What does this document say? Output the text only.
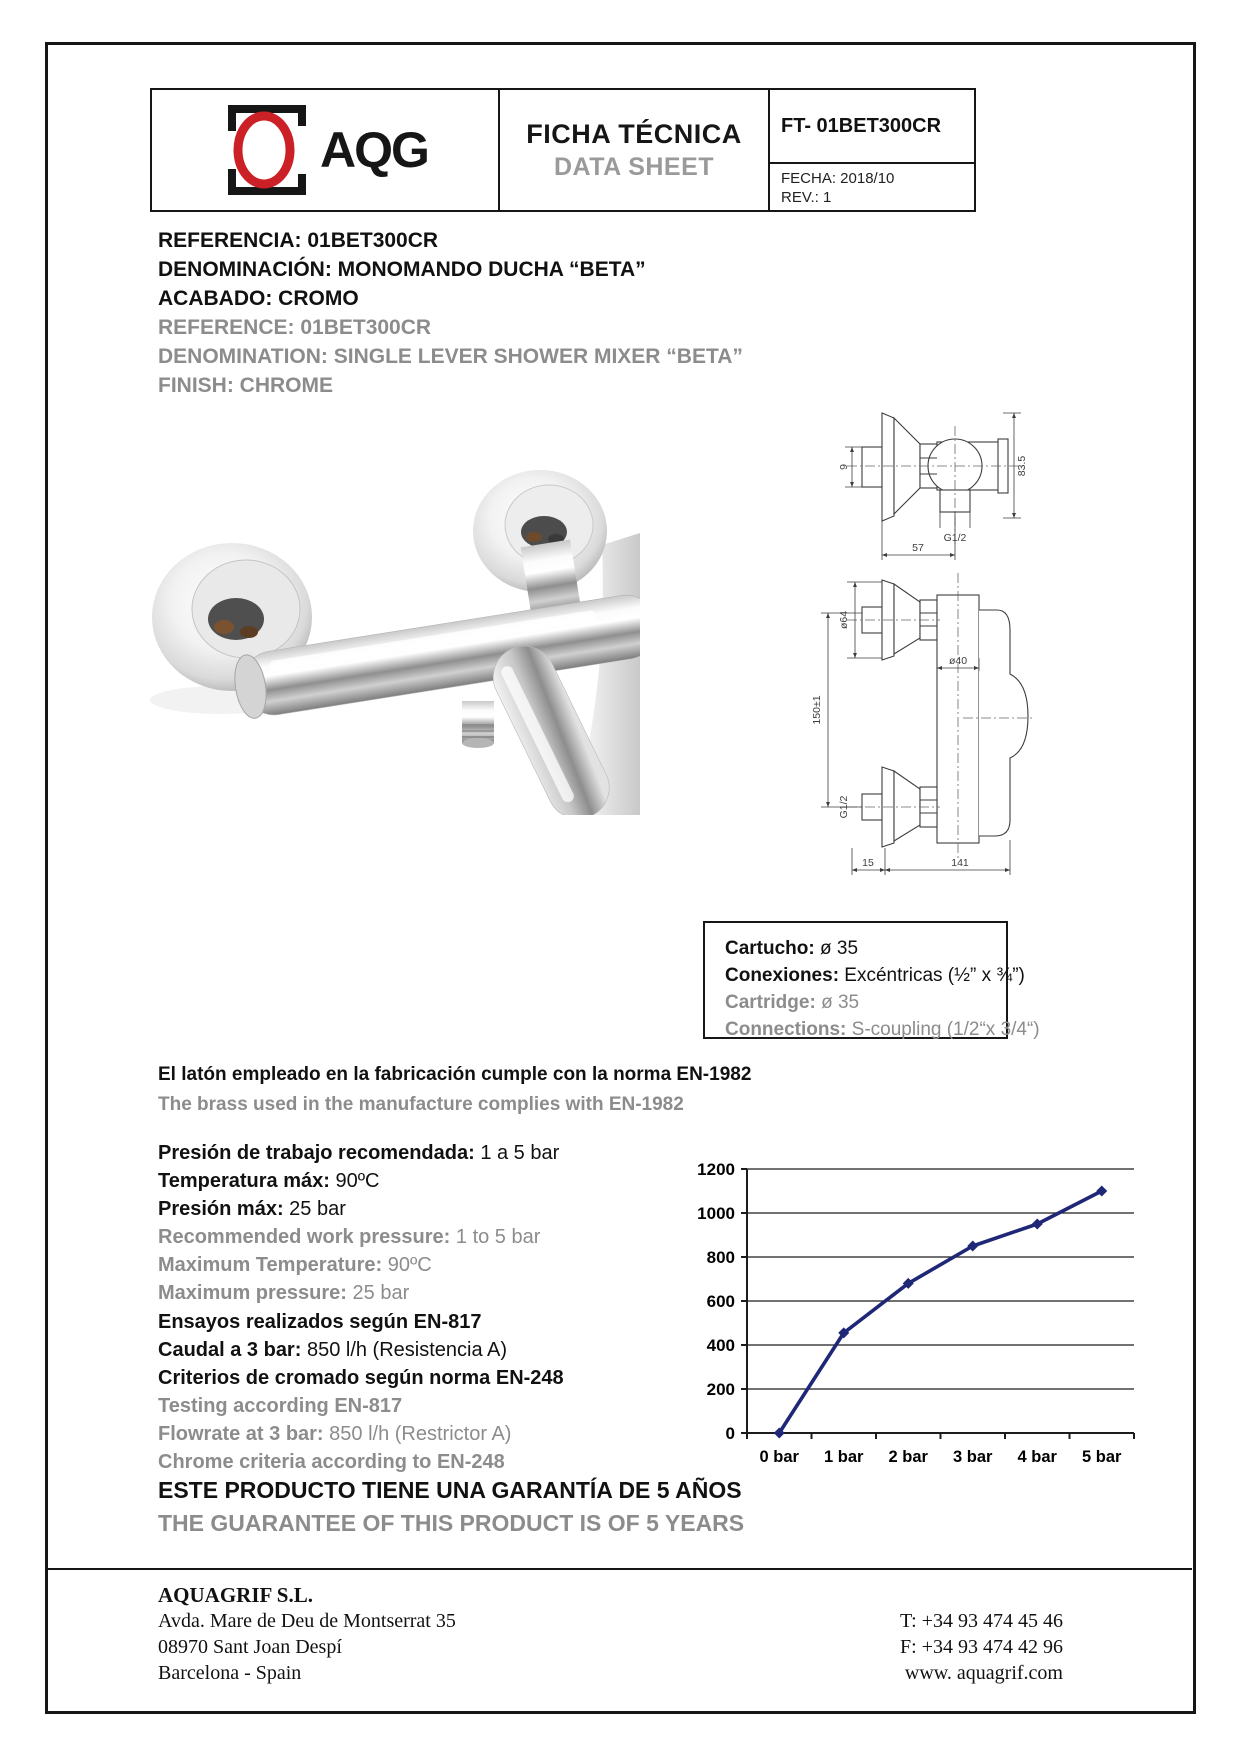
AQG	FICHA TÉCNICA
DATA SHEET
FT- 01BET300CR
FECHA: 2018/10
REV.: 1

REFERENCIA: 01BET300CR

DENOMINACIÓN: MONOMANDO DUCHA “BETA”

ACABADO: CROMO

REFERENCE: 01BET300CR

DENOMINATION: SINGLE LEVER SHOWER MIXER “BETA”

FINISH: CHROME

9
G1/2
57
83.5
ø64
ø40
150±1
G1/2
15	141

Cartucho: ø 35

Conexiones: Excéntricas (½” x ¾”)

Cartridge: ø 35

Connections: S-coupling (1/2“x 3/4“)

El latón empleado en la fabricación cumple con la norma EN-1982

The brass used in the manufacture complies with EN-1982

Presión de trabajo recomendada: 1 a 5 bar

Temperatura máx: 90ºC

Presión máx: 25 bar

Recommended work pressure: 1 to 5 bar

Maximum Temperature: 90ºC

Maximum pressure: 25 bar

Ensayos realizados según EN-817

Caudal a 3 bar: 850 l/h (Resistencia A)

Criterios de cromado según norma EN-248

Testing according EN-817

Flowrate at 3 bar: 850 l/h (Restrictor A)

Chrome criteria according to EN-248

0
200
400
600
800
1000
1200
0 bar 1 bar 2 bar 3 bar 4 bar 5 bar

ESTE PRODUCTO TIENE UNA GARANTÍA DE 5 AÑOS

THE GUARANTEE OF THIS PRODUCT IS OF 5 YEARS

AQUAGRIF S.L.

Avda. Mare de Deu de Montserrat 35

08970 Sant Joan Despí

Barcelona - Spain

T: +34 93 474 45 46

F: +34 93 474 42 96

www. aquagrif.com
